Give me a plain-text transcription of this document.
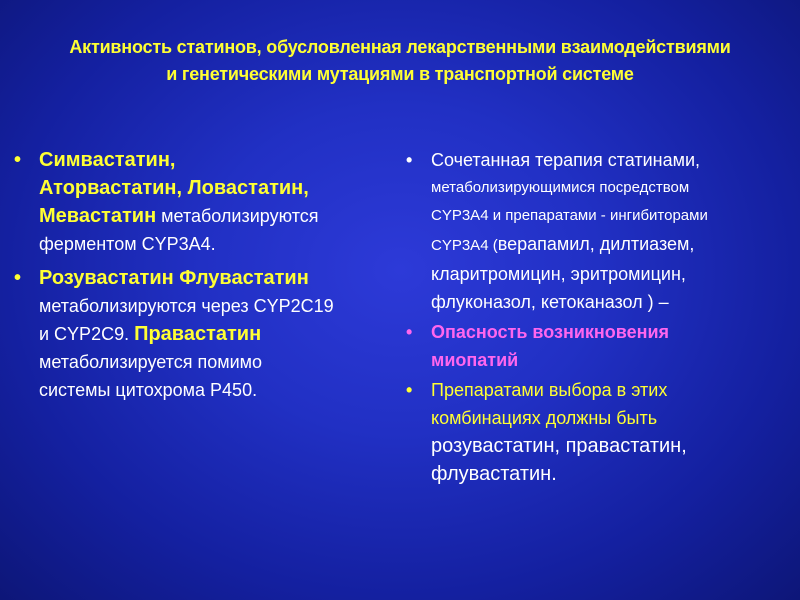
Активность статинов, обусловленная лекарственными взаимодействиями
и генетическими мутациями в транспортной системе
• Симвастатин,
Аторвастатин, Ловастатин,
Мевастатин метаболизируются
ферментом CYP3A4.
• Розувастатин Флувастатин
метаболизируются через CYP2C19
и CYP2C9. Правастатин
метаболизируется помимо
системы цитохрома Р450.
• Сочетанная терапия статинами,
метаболизирующимися посредством
CYP3A4 и препаратами - ингибиторами
CYP3A4 (верапамил, дилтиазем,
кларитромицин, эритромицин,
флуконазол, кетоканазол ) –
• Опасность возникновения
миопатий
• Препаратами выбора в этих
комбинациях должны быть
розувастатин, правастатин,
флувастатин.
